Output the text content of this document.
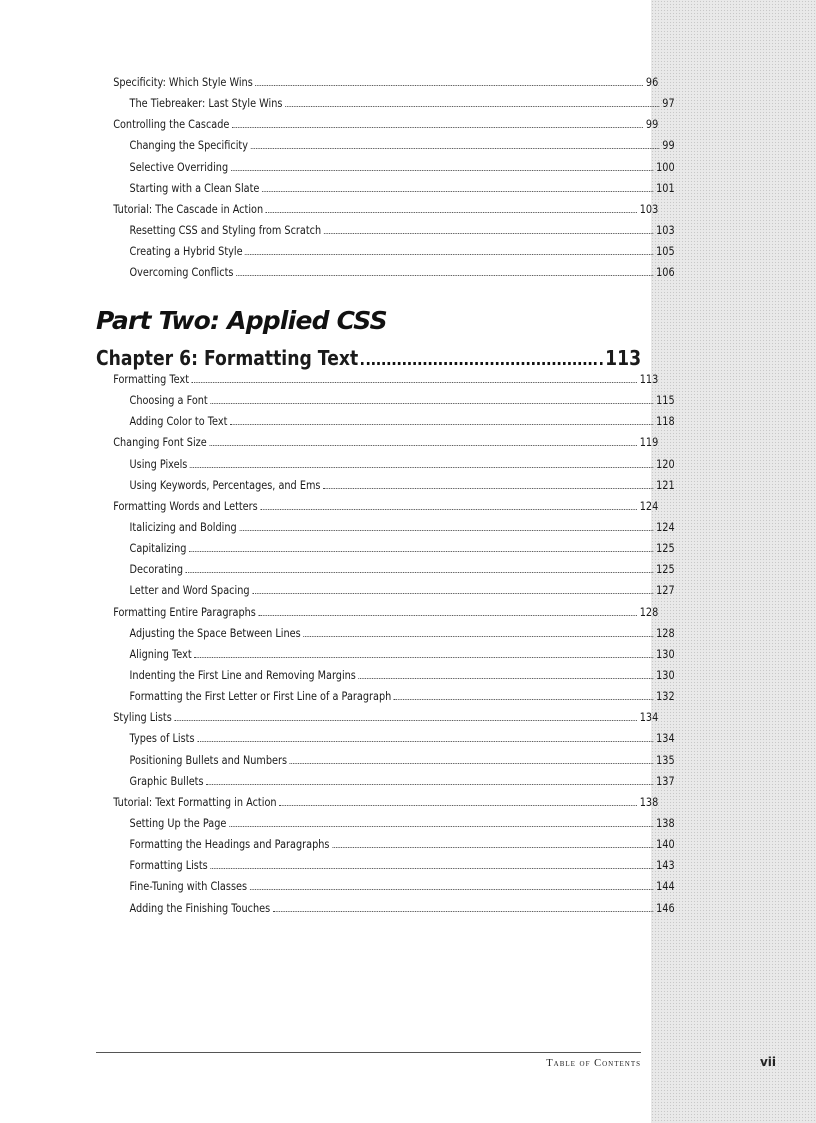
Specificity: Which Style Wins	96
The Tiebreaker: Last Style Wins	97
Controlling the Cascade	99
Changing the Specificity	99
Selective Overriding	100
Starting with a Clean Slate	101
Tutorial: The Cascade in Action	103
Resetting CSS and Styling from Scratch	103
Creating a Hybrid Style	105
Overcoming Conflicts	106
Part Two: Applied CSS
Chapter 6: Formatting Text	113
Formatting Text	113
Choosing a Font	115
Adding Color to Text	118
Changing Font Size	119
Using Pixels	120
Using Keywords, Percentages, and Ems	121
Formatting Words and Letters	124
Italicizing and Bolding	124
Capitalizing	125
Decorating	125
Letter and Word Spacing	127
Formatting Entire Paragraphs	128
Adjusting the Space Between Lines	128
Aligning Text	130
Indenting the First Line and Removing Margins	130
Formatting the First Letter or First Line of a Paragraph	132
Styling Lists	134
Types of Lists	134
Positioning Bullets and Numbers	135
Graphic Bullets	137
Tutorial: Text Formatting in Action	138
Setting Up the Page	138
Formatting the Headings and Paragraphs	140
Formatting Lists	143
Fine-Tuning with Classes	144
Adding the Finishing Touches	146
Table of Contents	vii
